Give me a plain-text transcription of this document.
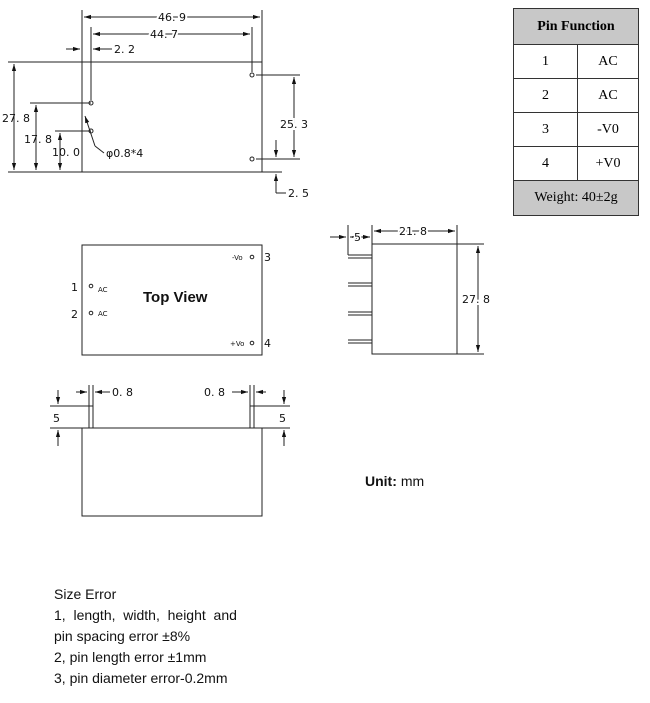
46. 9
44. 7
2. 2
27. 8
17. 8
10. 0 φ0.8*4
25. 3
2. 5
Top View
1	AC
2	AC
-Vo 3
+Vo 4
5	21. 8
27. 8
0. 8	0. 8
5	5
Unit: mm
Pin Function	
1	AC
2	AC
3	-V0
4	+V0
Weight: 40±2g	
Size Error
1,  length,  width,  height  and
pin spacing error ±8%
2, pin length error ±1mm
3, pin diameter error-0.2mm
